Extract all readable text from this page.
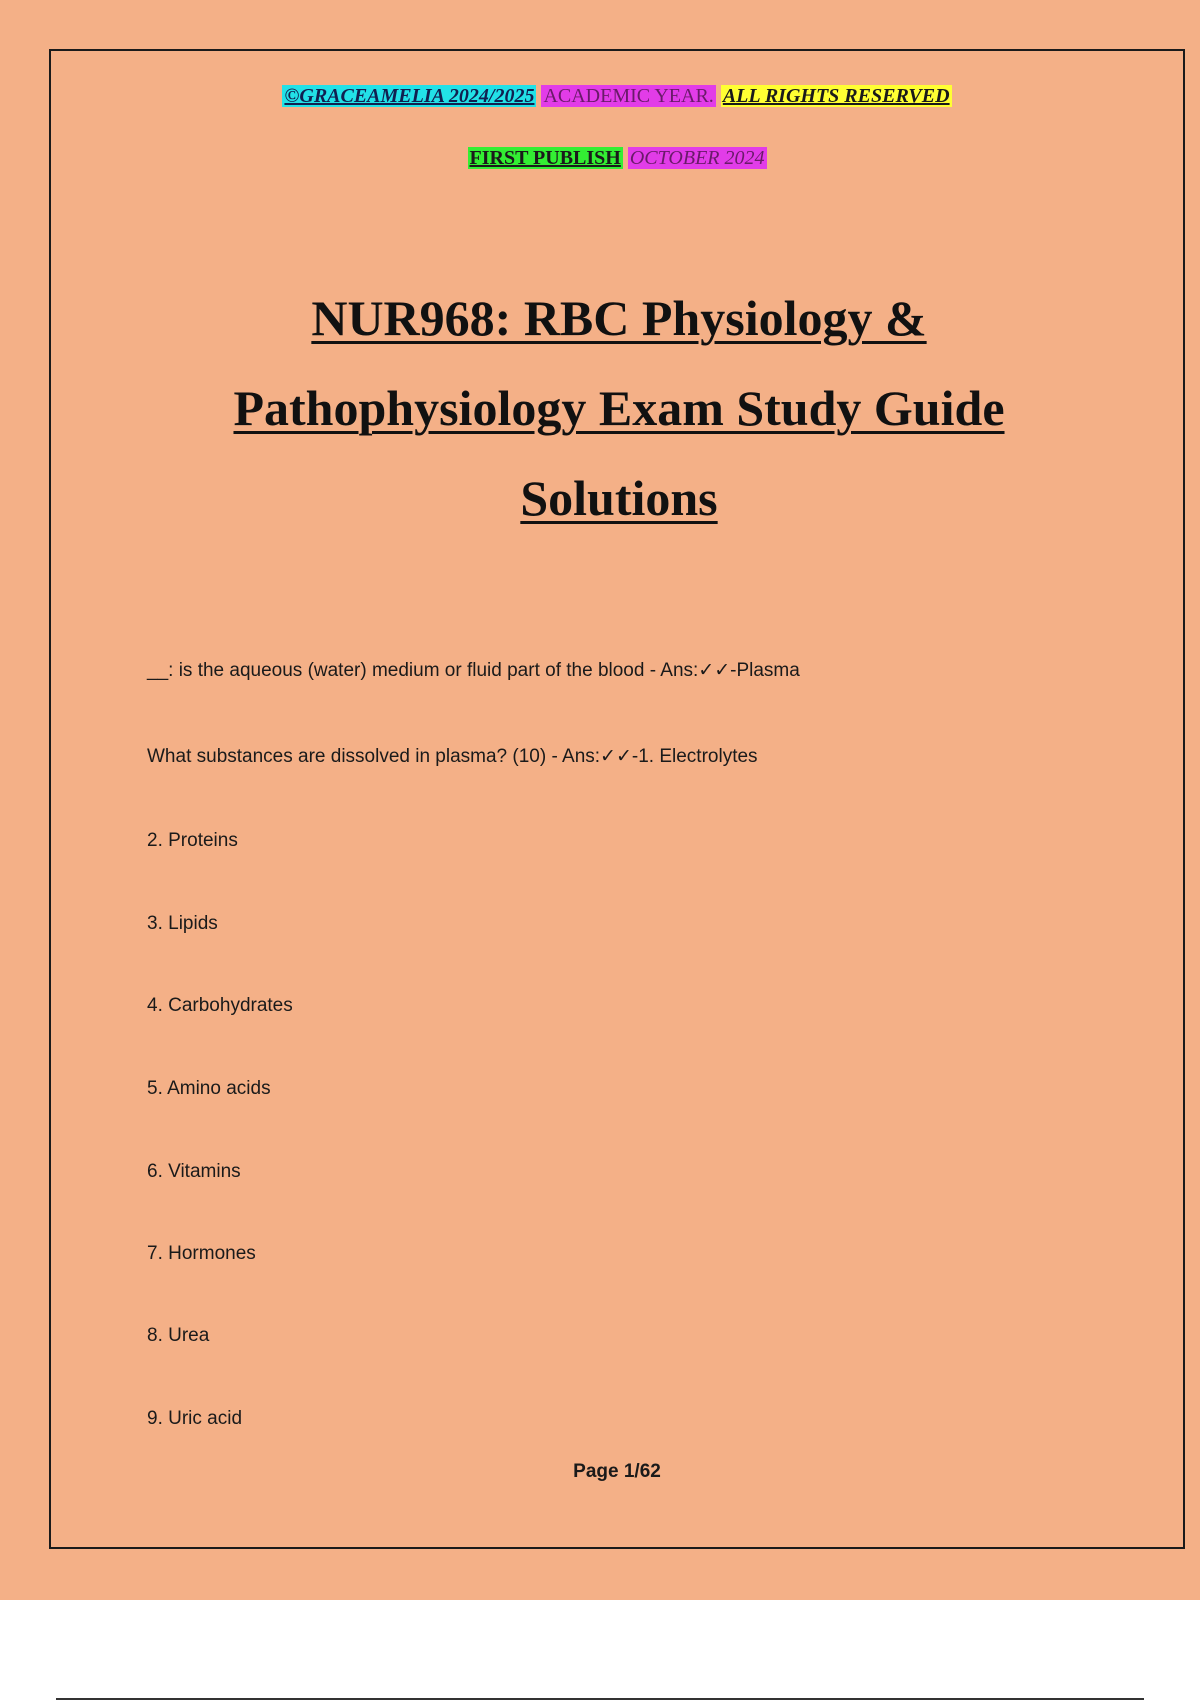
©GRACEAMELIA 2024/2025 ACADEMIC YEAR. ALL RIGHTS RESERVED
FIRST PUBLISH OCTOBER 2024
NUR968: RBC Physiology &
Pathophysiology Exam Study Guide
Solutions

__: is the aqueous (water) medium or fluid part of the blood - Ans:✓✓-Plasma

What substances are dissolved in plasma? (10) - Ans:✓✓-1. Electrolytes

2. Proteins

3. Lipids

4. Carbohydrates

5. Amino acids

6. Vitamins

7. Hormones

8. Urea

9. Uric acid

Page 1/62
